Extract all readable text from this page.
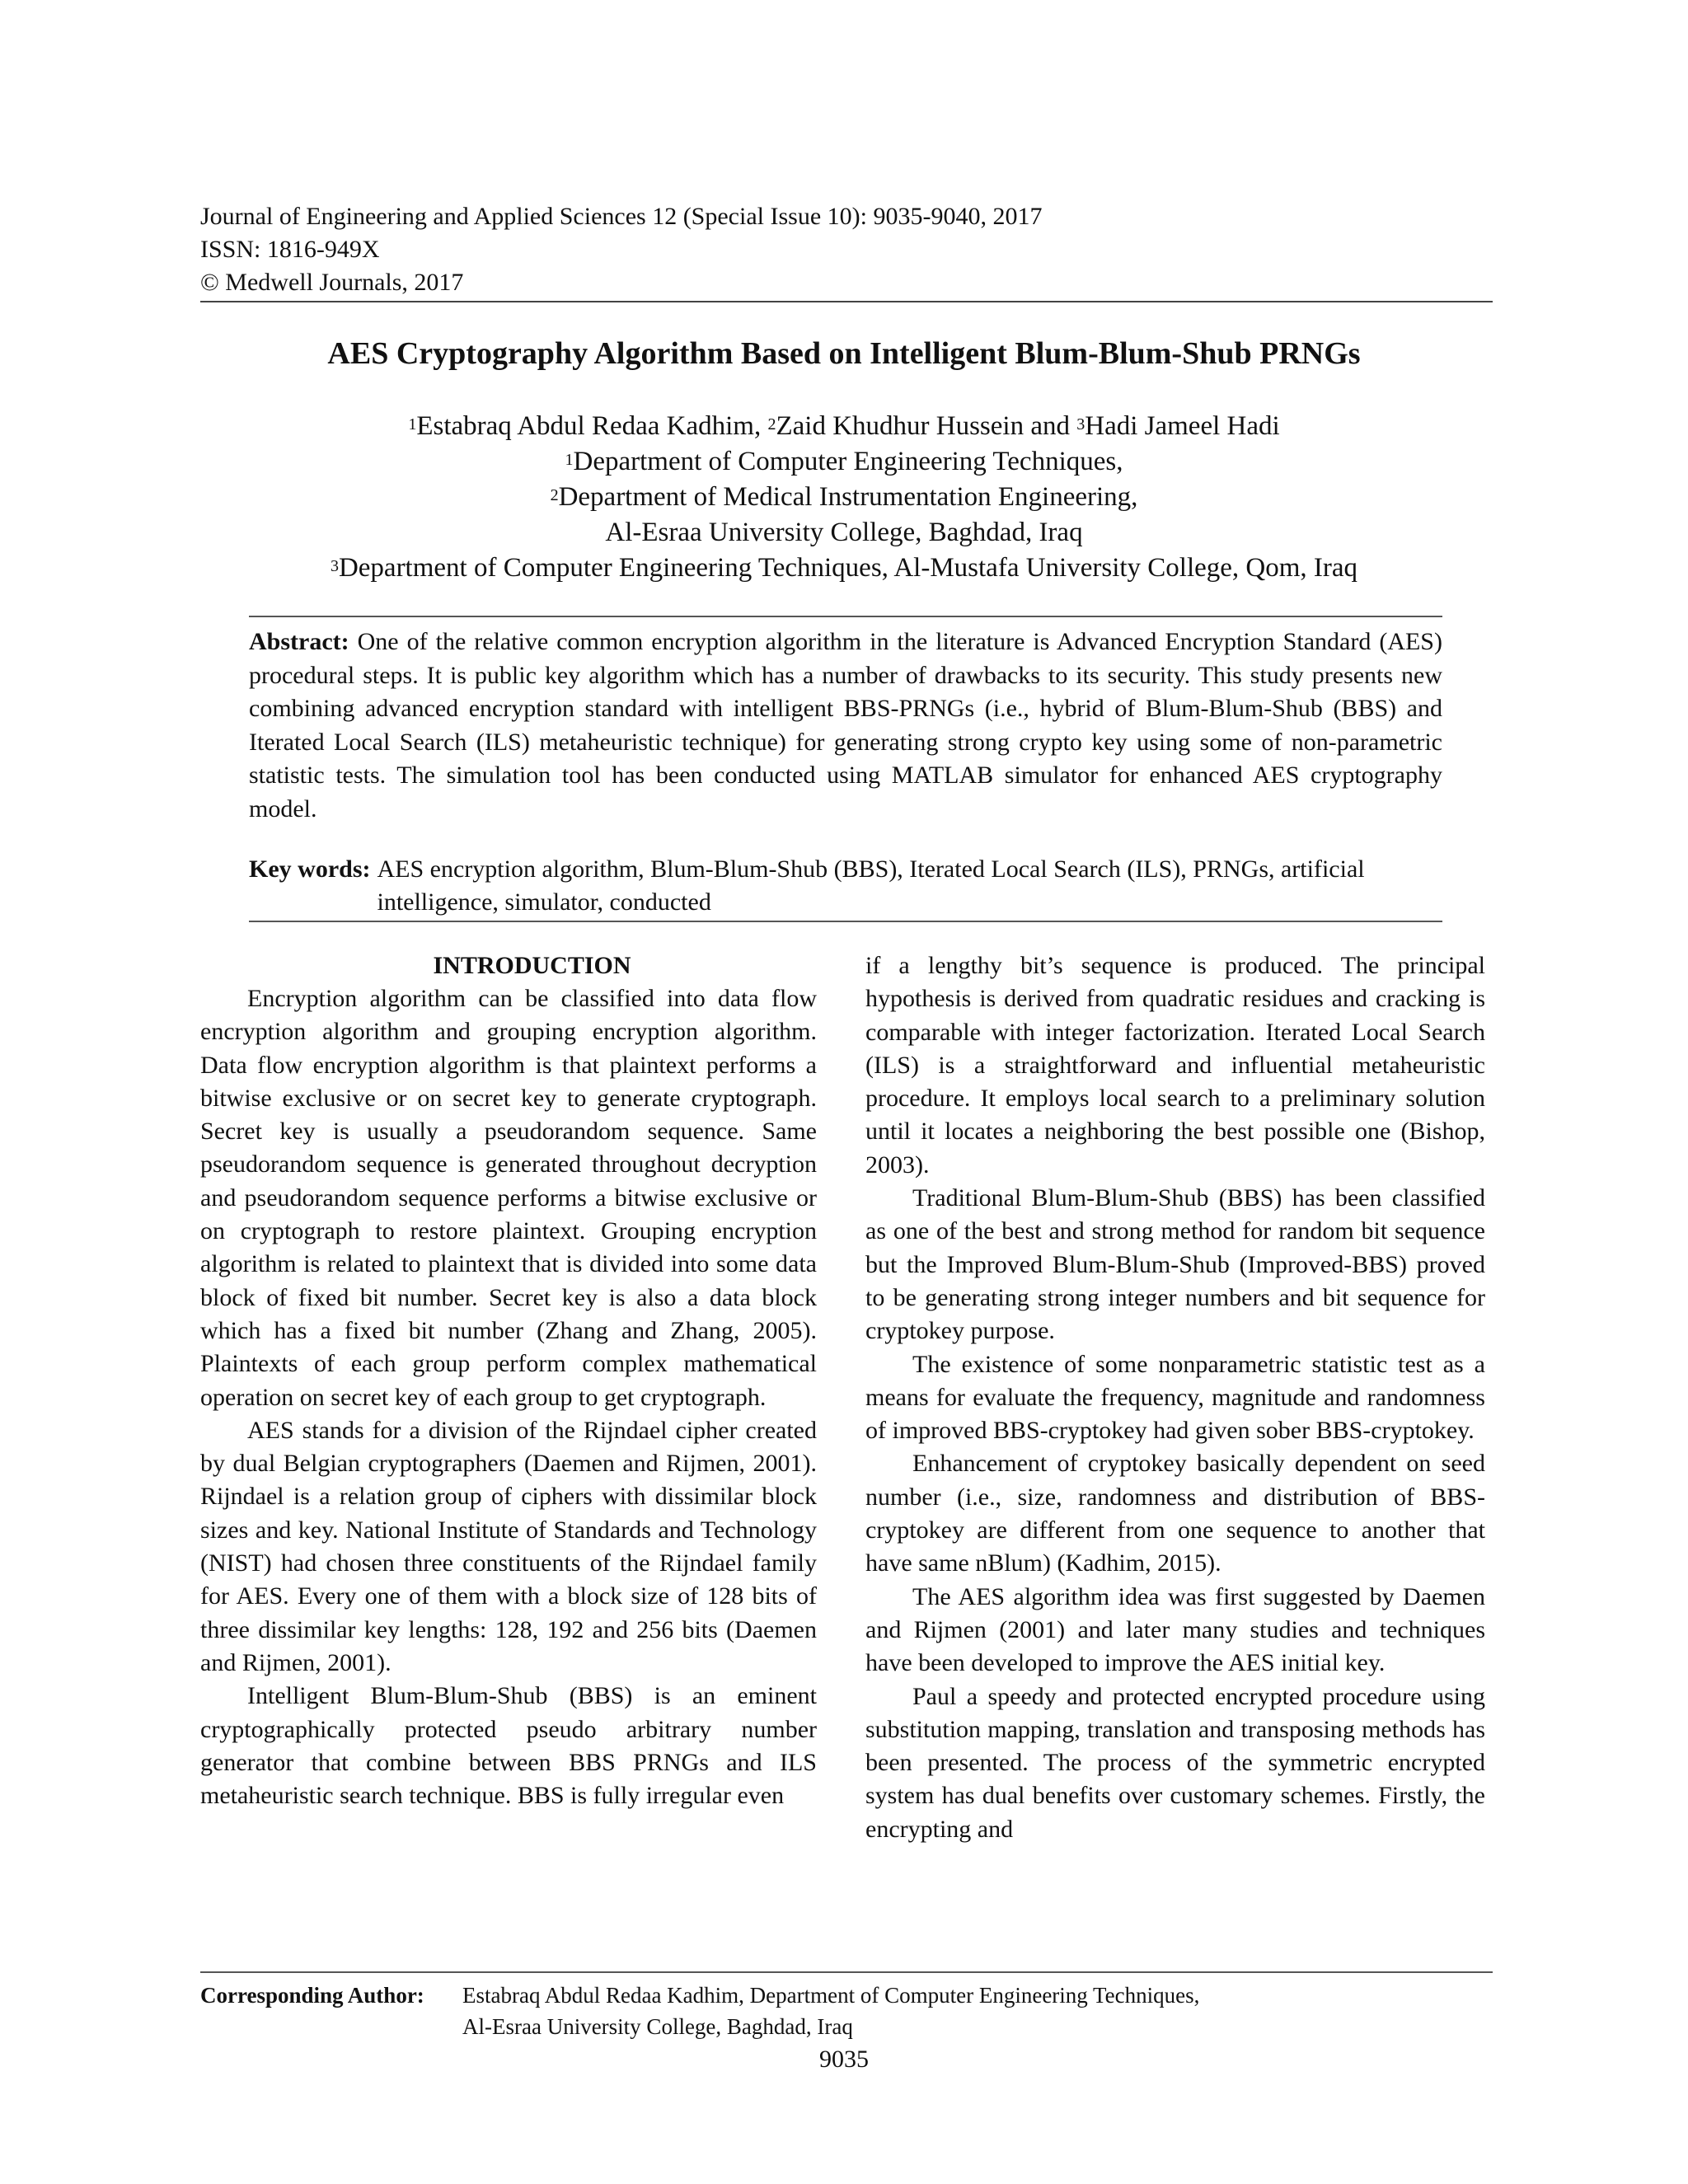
Journal of Engineering and Applied Sciences 12 (Special Issue 10): 9035-9040, 2017
ISSN: 1816-949X
© Medwell Journals, 2017
AES Cryptography Algorithm Based on Intelligent Blum-Blum-Shub PRNGs
$^1$Estabraq Abdul Redaa Kadhim, $^2$Zaid Khudhur Hussein and $^3$Hadi Jameel Hadi
$^1$Department of Computer Engineering Techniques,
$^2$Department of Medical Instrumentation Engineering,
Al-Esraa University College, Baghdad, Iraq
$^3$Department of Computer Engineering Techniques, Al-Mustafa University College, Qom, Iraq
Abstract: One of the relative common encryption algorithm in the literature is Advanced Encryption Standard (AES) procedural steps. It is public key algorithm which has a number of drawbacks to its security. This study presents new combining advanced encryption standard with intelligent BBS-PRNGs (i.e., hybrid of Blum-Blum-Shub (BBS) and Iterated Local Search (ILS) metaheuristic technique) for generating strong crypto key using some of non-parametric statistic tests. The simulation tool has been conducted using MATLAB simulator for enhanced AES cryptography model.
Key words: AES encryption algorithm, Blum-Blum-Shub (BBS), Iterated Local Search (ILS), PRNGs, artificial intelligence, simulator, conducted

INTRODUCTION

Encryption algorithm can be classified into data flow encryption algorithm and grouping encryption algorithm. Data flow encryption algorithm is that plaintext performs a bitwise exclusive or on secret key to generate cryptograph. Secret key is usually a pseudorandom sequence. Same pseudorandom sequence is generated throughout decryption and pseudorandom sequence performs a bitwise exclusive or on cryptograph to restore plaintext. Grouping encryption algorithm is related to plaintext that is divided into some data block of fixed bit number. Secret key is also a data block which has a fixed bit number (Zhang and Zhang, 2005). Plaintexts of each group perform complex mathematical operation on secret key of each group to get cryptograph.

AES stands for a division of the Rijndael cipher created by dual Belgian cryptographers (Daemen and Rijmen, 2001). Rijndael is a relation group of ciphers with dissimilar block sizes and key. National Institute of Standards and Technology (NIST) had chosen three constituents of the Rijndael family for AES. Every one of them with a block size of 128 bits of three dissimilar key lengths: 128, 192 and 256 bits (Daemen and Rijmen, 2001).

Intelligent Blum-Blum-Shub (BBS) is an eminent cryptographically protected pseudo arbitrary number generator that combine between BBS PRNGs and ILS metaheuristic search technique. BBS is fully irregular even

if a lengthy bit’s sequence is produced. The principal hypothesis is derived from quadratic residues and cracking is comparable with integer factorization. Iterated Local Search (ILS) is a straightforward and influential metaheuristic procedure. It employs local search to a preliminary solution until it locates a neighboring the best possible one (Bishop, 2003).

Traditional Blum-Blum-Shub (BBS) has been classified as one of the best and strong method for random bit sequence but the Improved Blum-Blum-Shub (Improved-BBS) proved to be generating strong integer numbers and bit sequence for cryptokey purpose.

The existence of some nonparametric statistic test as a means for evaluate the frequency, magnitude and randomness of improved BBS-cryptokey had given sober BBS-cryptokey.

Enhancement of cryptokey basically dependent on seed number (i.e., size, randomness and distribution of BBS-cryptokey are different from one sequence to another that have same nBlum) (Kadhim, 2015).

The AES algorithm idea was first suggested by Daemen and Rijmen (2001) and later many studies and techniques have been developed to improve the AES initial key.

Paul a speedy and protected encrypted procedure using substitution mapping, translation and transposing methods has been presented. The process of the symmetric encrypted system has dual benefits over customary schemes. Firstly, the encrypting and

Corresponding Author:	Estabraq Abdul Redaa Kadhim, Department of Computer Engineering Techniques,
Al-Esraa University College, Baghdad, Iraq
9035
